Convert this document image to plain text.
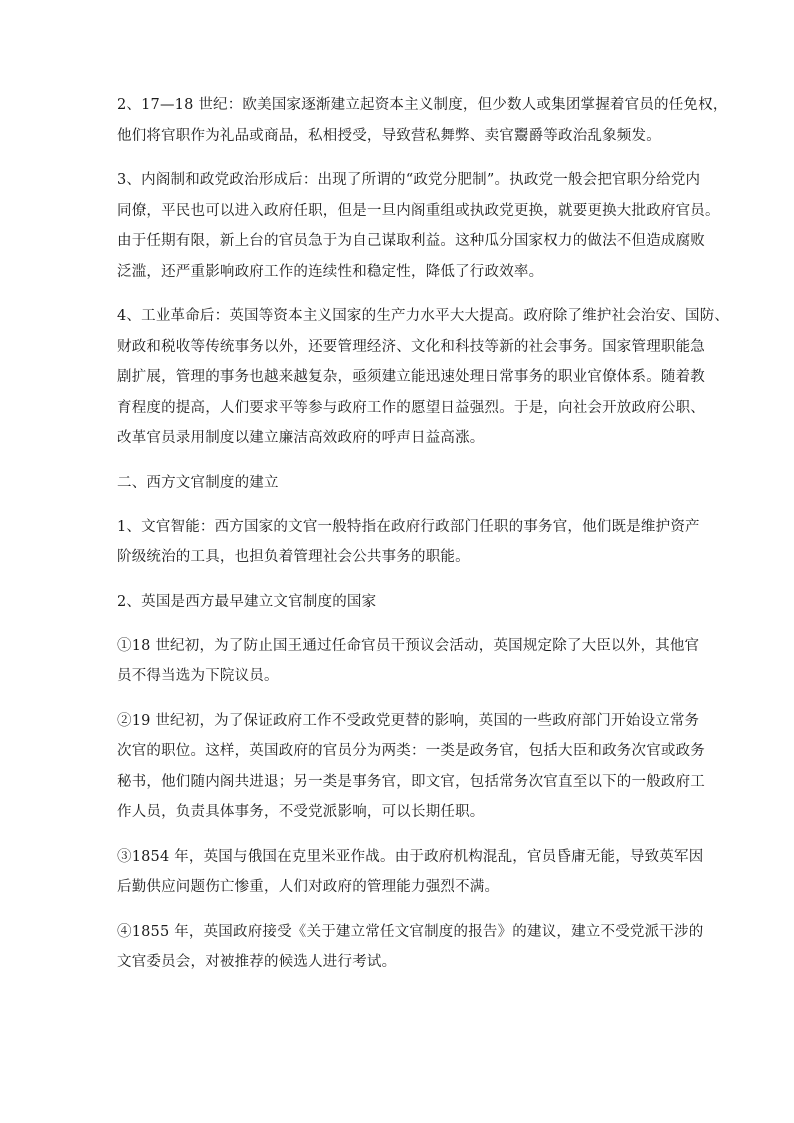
2、17—18 世纪：欧美国家逐渐建立起资本主义制度，但少数人或集团掌握着官员的任免权，
他们将官职作为礼品或商品，私相授受，导致营私舞弊、卖官鬻爵等政治乱象频发。

3、内阁制和政党政治形成后：出现了所谓的“政党分肥制”。执政党一般会把官职分给党内
同僚，平民也可以进入政府任职，但是一旦内阁重组或执政党更换，就要更换大批政府官员。
由于任期有限，新上台的官员急于为自己谋取利益。这种瓜分国家权力的做法不但造成腐败
泛滥，还严重影响政府工作的连续性和稳定性，降低了行政效率。

4、工业革命后：英国等资本主义国家的生产力水平大大提高。政府除了维护社会治安、国防、
财政和税收等传统事务以外，还要管理经济、文化和科技等新的社会事务。国家管理职能急
剧扩展，管理的事务也越来越复杂，亟须建立能迅速处理日常事务的职业官僚体系。随着教
育程度的提高，人们要求平等参与政府工作的愿望日益强烈。于是，向社会开放政府公职、
改革官员录用制度以建立廉洁高效政府的呼声日益高涨。

二、西方文官制度的建立

1、文官智能：西方国家的文官一般特指在政府行政部门任职的事务官，他们既是维护资产
阶级统治的工具，也担负着管理社会公共事务的职能。

2、英国是西方最早建立文官制度的国家

①18 世纪初，为了防止国王通过任命官员干预议会活动，英国规定除了大臣以外，其他官
员不得当选为下院议员。

②19 世纪初，为了保证政府工作不受政党更替的影响，英国的一些政府部门开始设立常务
次官的职位。这样，英国政府的官员分为两类：一类是政务官，包括大臣和政务次官或政务
秘书，他们随内阁共进退；另一类是事务官，即文官，包括常务次官直至以下的一般政府工
作人员，负责具体事务，不受党派影响，可以长期任职。

③1854 年，英国与俄国在克里米亚作战。由于政府机构混乱，官员昏庸无能，导致英军因
后勤供应问题伤亡惨重，人们对政府的管理能力强烈不满。

④1855 年，英国政府接受《关于建立常任文官制度的报告》的建议，建立不受党派干涉的
文官委员会，对被推荐的候选人进行考试。
